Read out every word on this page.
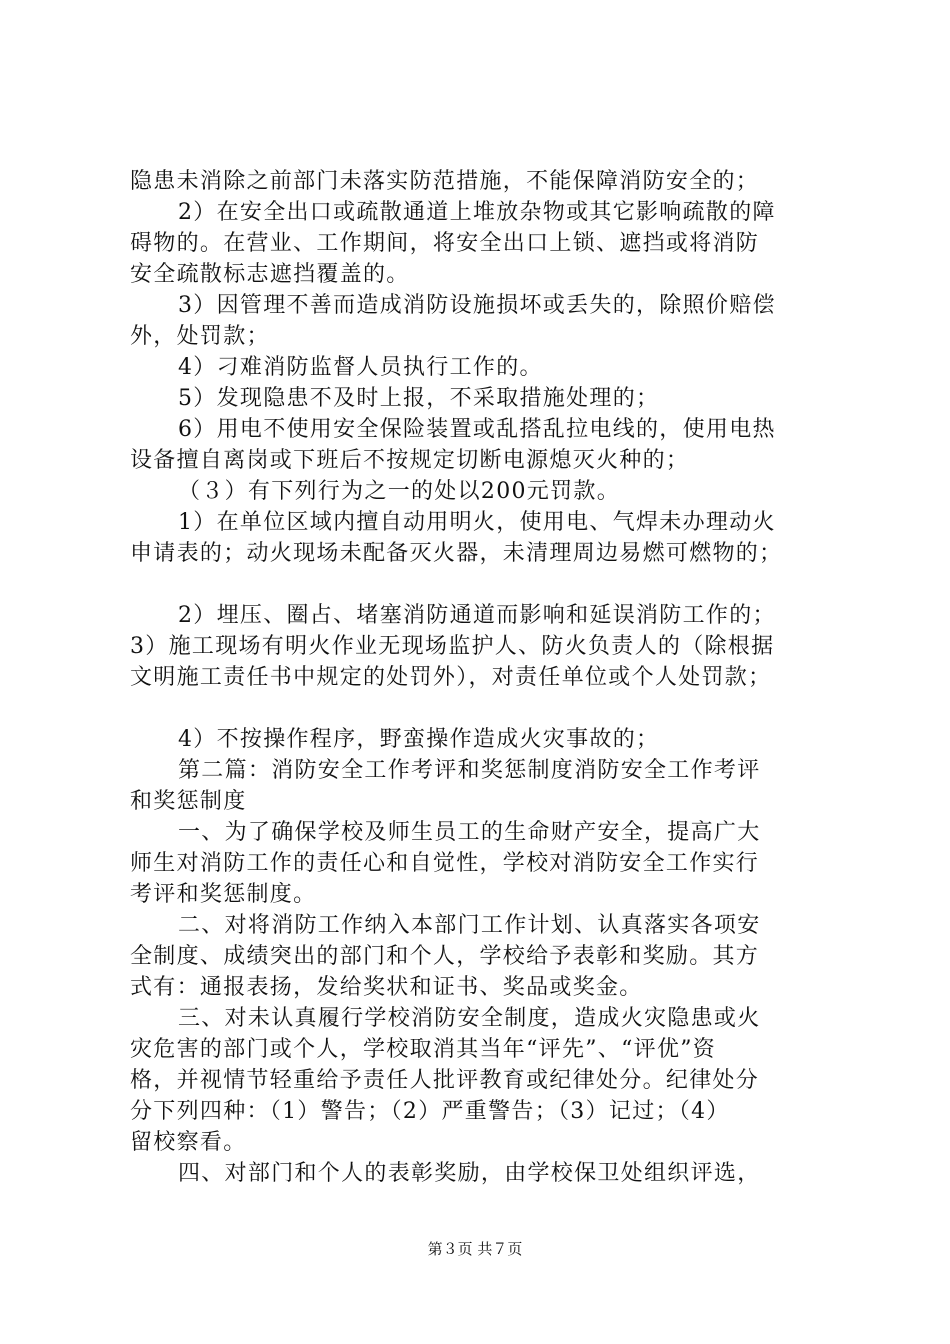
隐患未消除之前部门未落实防范措施，不能保障消防安全的；
2）在安全出口或疏散通道上堆放杂物或其它影响疏散的障
碍物的。在营业、工作期间，将安全出口上锁、遮挡或将消防
安全疏散标志遮挡覆盖的。
3）因管理不善而造成消防设施损坏或丢失的，除照价赔偿
外，处罚款；
4）刁难消防监督人员执行工作的。
5）发现隐患不及时上报，不采取措施处理的；
6）用电不使用安全保险装置或乱搭乱拉电线的，使用电热
设备擅自离岗或下班后不按规定切断电源熄灭火种的；
（３）有下列行为之一的处以200元罚款。
1）在单位区域内擅自动用明火，使用电、气焊未办理动火
申请表的；动火现场未配备灭火器，未清理周边易燃可燃物的；
2）埋压、圈占、堵塞消防通道而影响和延误消防工作的；
3）施工现场有明火作业无现场监护人、防火负责人的（除根据
文明施工责任书中规定的处罚外），对责任单位或个人处罚款；
4）不按操作程序，野蛮操作造成火灾事故的；
第二篇：消防安全工作考评和奖惩制度消防安全工作考评
和奖惩制度
一、为了确保学校及师生员工的生命财产安全，提高广大
师生对消防工作的责任心和自觉性，学校对消防安全工作实行
考评和奖惩制度。
二、对将消防工作纳入本部门工作计划、认真落实各项安
全制度、成绩突出的部门和个人，学校给予表彰和奖励。其方
式有：通报表扬，发给奖状和证书、奖品或奖金。
三、对未认真履行学校消防安全制度，造成火灾隐患或火
灾危害的部门或个人，学校取消其当年“评先”、“评优”资
格，并视情节轻重给予责任人批评教育或纪律处分。纪律处分
分下列四种：（1）警告；（2）严重警告；（3）记过；（4）
留校察看。
四、对部门和个人的表彰奖励，由学校保卫处组织评选，
第３页 共７页
